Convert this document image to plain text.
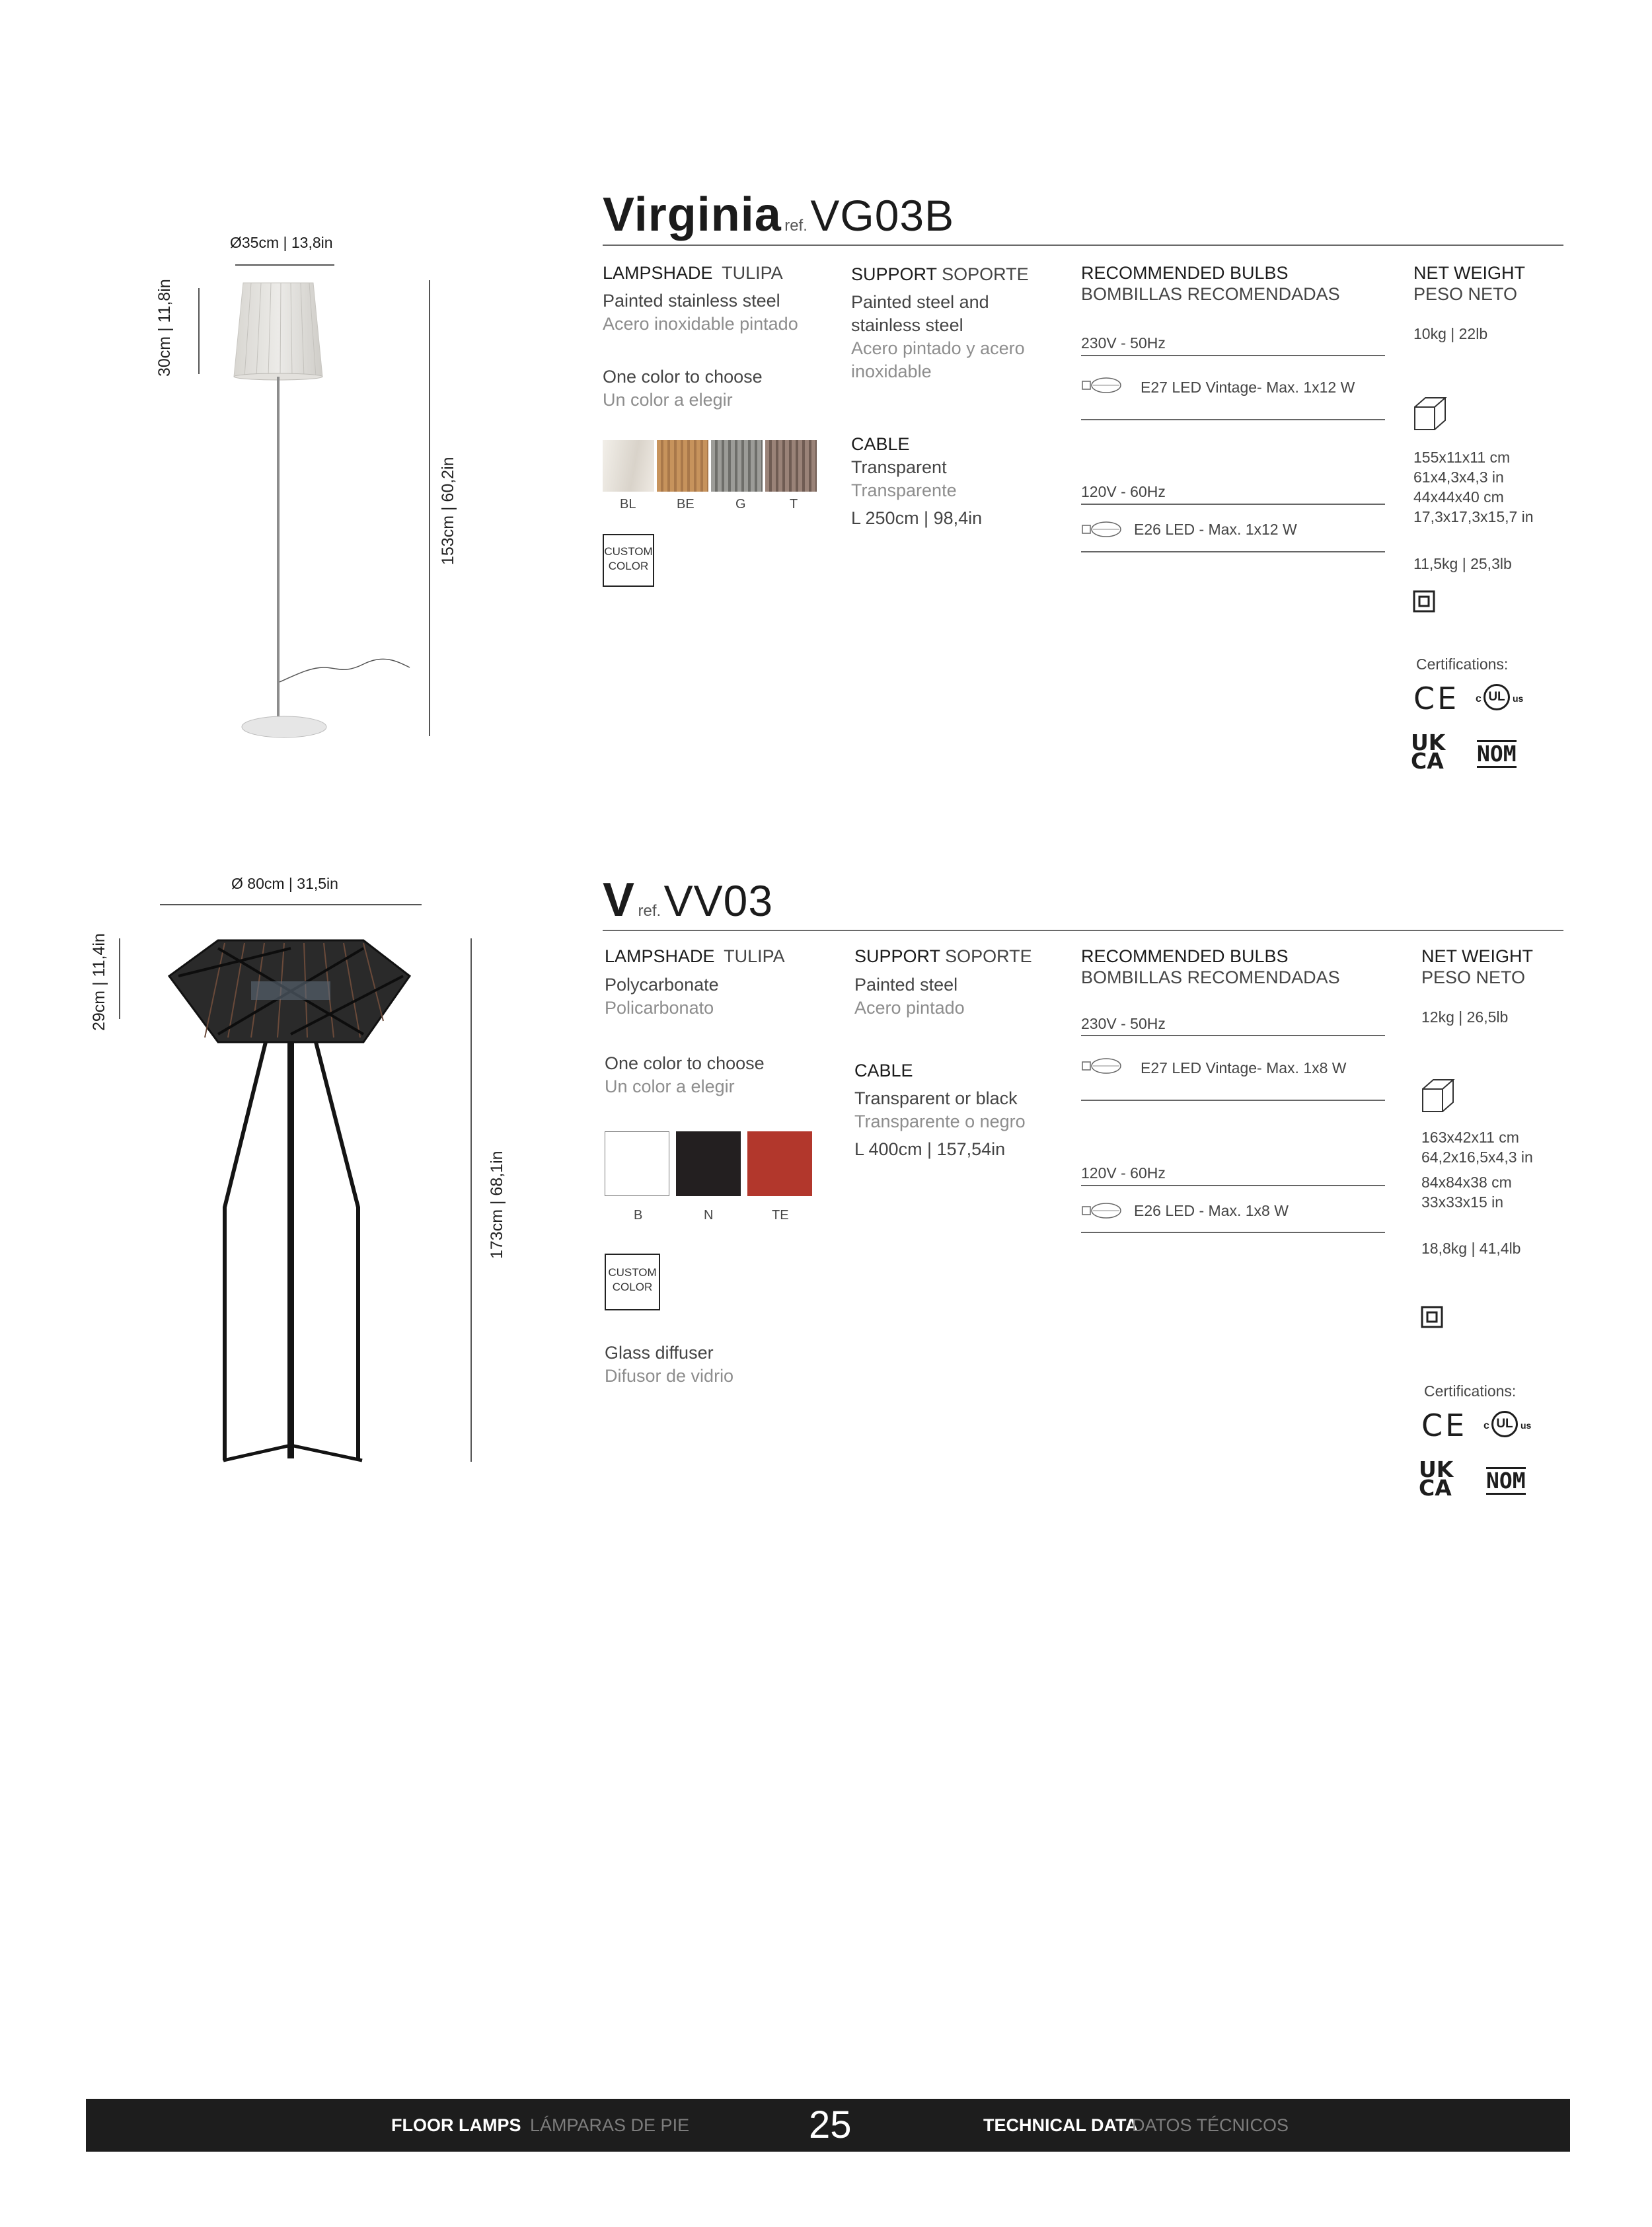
Ø35cm | 13,8in
30cm | 11,8in
153cm | 60,2in
Virginia ref. VG03B
LAMPSHADE TULIPA
Painted stainless steel
Acero inoxidable pintado
One color to choose
Un color a elegir
BL	BE	G	T
CUSTOM
COLOR
SUPPORT SOPORTE
Painted steel and
stainless steel
Acero pintado y acero
inoxidable
CABLE
Transparent
Transparente
L 250cm | 98,4in
RECOMMENDED BULBS
BOMBILLAS RECOMENDADAS
230V - 50Hz
E27 LED Vintage- Max. 1x12 W
120V - 60Hz
E26 LED - Max. 1x12 W
NET WEIGHT
PESO NETO
10kg | 22lb
155x11x11 cm
61x4,3x4,3 in
44x44x40 cm
17,3x17,3x15,7 in
11,5kg | 25,3lb
Certifications:
CE c UL us
UK
CA NOM
Ø 80cm | 31,5in
29cm | 11,4in
173cm | 68,1in
V ref. VV03
LAMPSHADE TULIPA
Polycarbonate
Policarbonato
One color to choose
Un color a elegir
B	N	TE
CUSTOM
COLOR
Glass diffuser
Difusor de vidrio
SUPPORT SOPORTE
Painted steel
Acero pintado
CABLE
Transparent or black
Transparente o negro
L 400cm | 157,54in
RECOMMENDED BULBS
BOMBILLAS RECOMENDADAS
230V - 50Hz
E27 LED Vintage- Max. 1x8 W
120V - 60Hz
E26 LED - Max. 1x8 W
NET WEIGHT
PESO NETO
12kg | 26,5lb
163x42x11 cm
64,2x16,5x4,3 in
84x84x38 cm
33x33x15 in
18,8kg | 41,4lb
Certifications:
CE c UL us
UK
CA NOM
FLOOR LAMPS LÁMPARAS DE PIE	25	TECHNICAL DATA
DATOS TÉCNICOS
